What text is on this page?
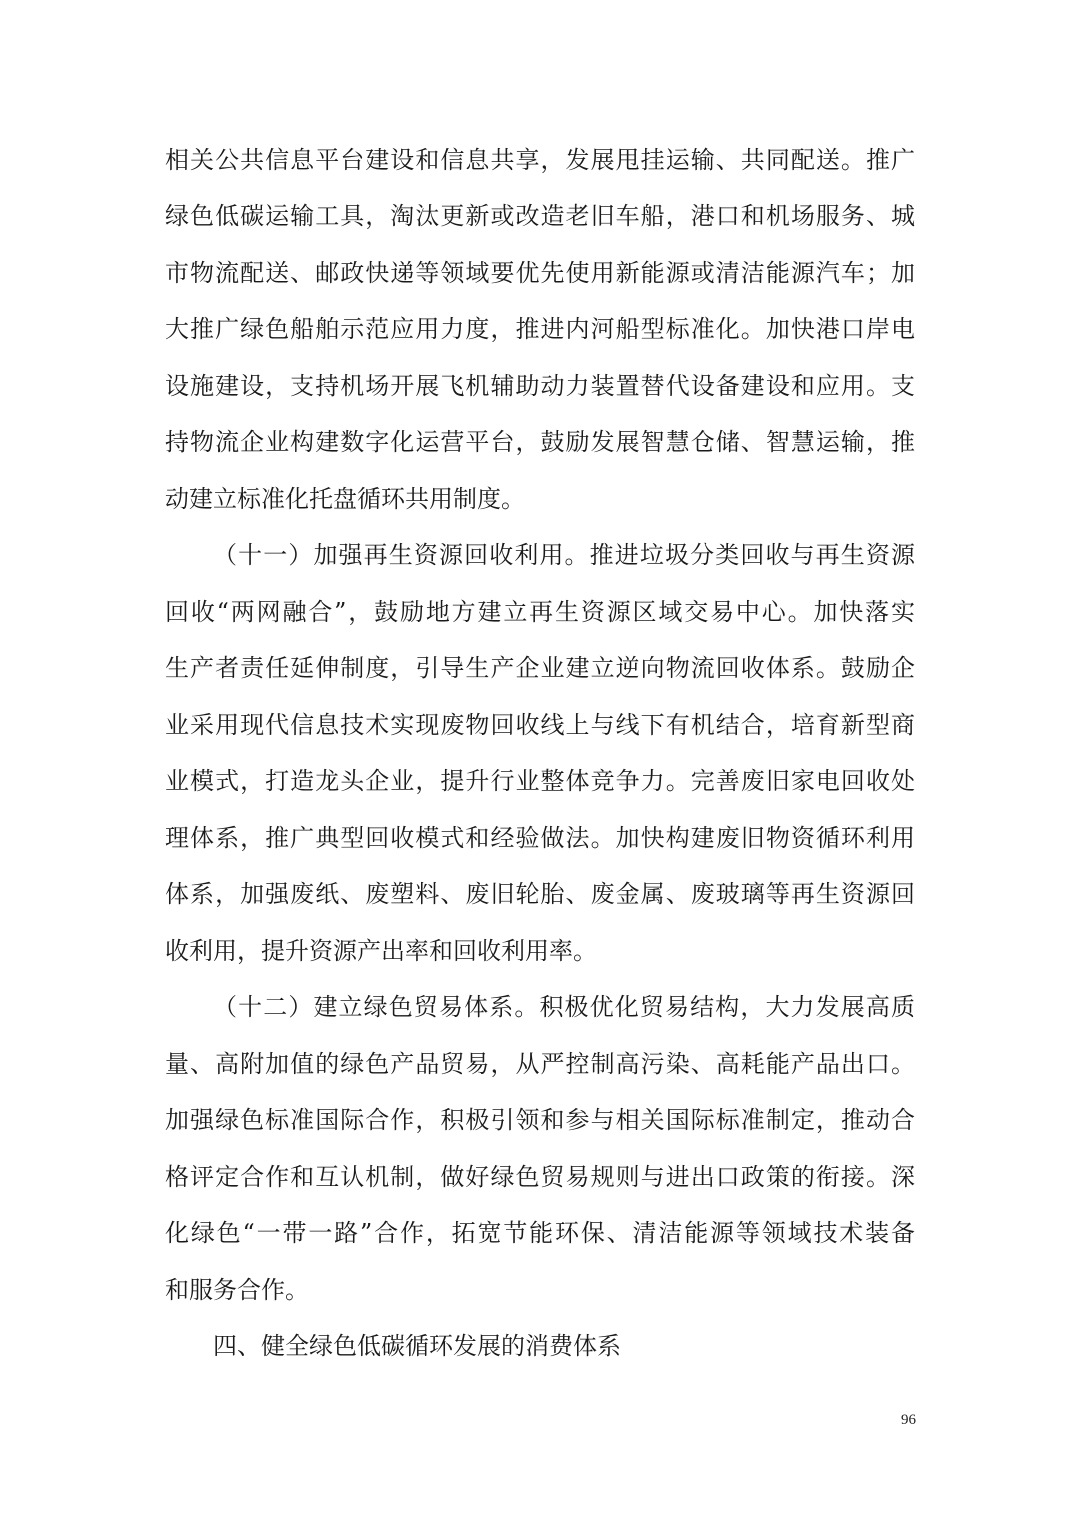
相关公共信息平台建设和信息共享，发展甩挂运输、共同配送。推广
绿色低碳运输工具，淘汰更新或改造老旧车船，港口和机场服务、城
市物流配送、邮政快递等领域要优先使用新能源或清洁能源汽车；加
大推广绿色船舶示范应用力度，推进内河船型标准化。加快港口岸电
设施建设，支持机场开展飞机辅助动力装置替代设备建设和应用。支
持物流企业构建数字化运营平台，鼓励发展智慧仓储、智慧运输，推
动建立标准化托盘循环共用制度。
（十一）加强再生资源回收利用。推进垃圾分类回收与再生资源
回收“两网融合”，鼓励地方建立再生资源区域交易中心。加快落实
生产者责任延伸制度，引导生产企业建立逆向物流回收体系。鼓励企
业采用现代信息技术实现废物回收线上与线下有机结合，培育新型商
业模式，打造龙头企业，提升行业整体竞争力。完善废旧家电回收处
理体系，推广典型回收模式和经验做法。加快构建废旧物资循环利用
体系，加强废纸、废塑料、废旧轮胎、废金属、废玻璃等再生资源回
收利用，提升资源产出率和回收利用率。
（十二）建立绿色贸易体系。积极优化贸易结构，大力发展高质
量、高附加值的绿色产品贸易，从严控制高污染、高耗能产品出口。
加强绿色标准国际合作，积极引领和参与相关国际标准制定，推动合
格评定合作和互认机制，做好绿色贸易规则与进出口政策的衔接。深
化绿色“一带一路”合作，拓宽节能环保、清洁能源等领域技术装备
和服务合作。
四、健全绿色低碳循环发展的消费体系
96
